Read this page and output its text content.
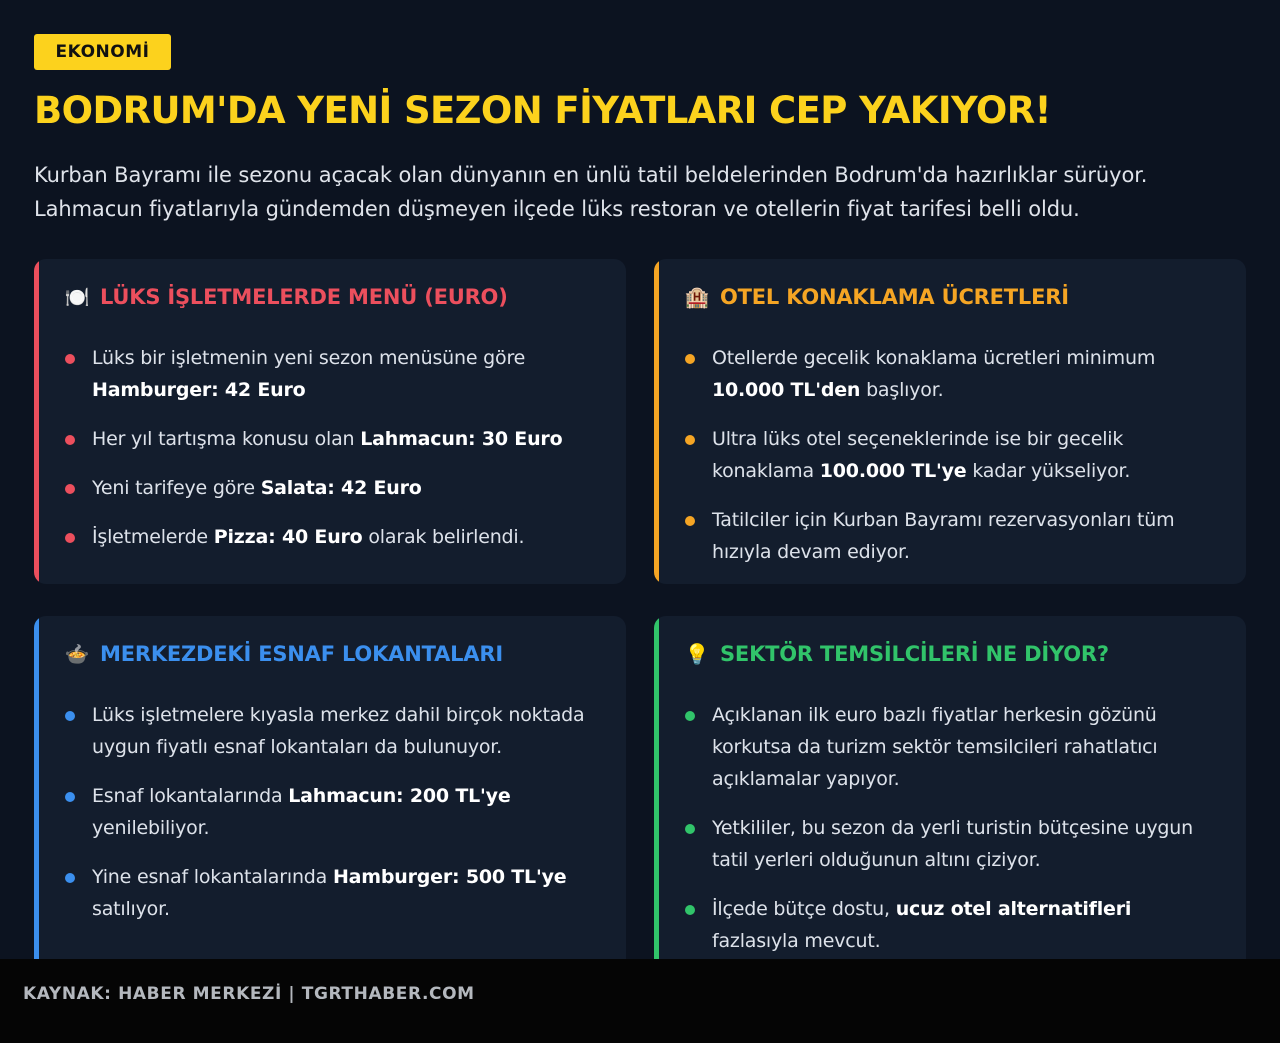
EKONOMİ
BODRUM'DA YENİ SEZON FİYATLARI CEP YAKIYOR!

Kurban Bayramı ile sezonu açacak olan dünyanın en ünlü tatil beldelerinden Bodrum'da hazırlıklar sürüyor. Lahmacun fiyatlarıyla gündemden düşmeyen ilçede lüks restoran ve otellerin fiyat tarifesi belli oldu.

🍽️ LÜKS İŞLETMELERDE MENÜ (EURO)
Lüks bir işletmenin yeni sezon menüsüne göre Hamburger: 42 Euro
Her yıl tartışma konusu olan Lahmacun: 30 Euro
Yeni tarifeye göre Salata: 42 Euro
İşletmelerde Pizza: 40 Euro olarak belirlendi.
🏨 OTEL KONAKLAMA ÜCRETLERİ
Otellerde gecelik konaklama ücretleri minimum 10.000 TL'den başlıyor.
Ultra lüks otel seçeneklerinde ise bir gecelik konaklama 100.000 TL'ye kadar yükseliyor.
Tatilciler için Kurban Bayramı rezervasyonları tüm hızıyla devam ediyor.
🍲 MERKEZDEKİ ESNAF LOKANTALARI
Lüks işletmelere kıyasla merkez dahil birçok noktada uygun fiyatlı esnaf lokantaları da bulunuyor.
Esnaf lokantalarında Lahmacun: 200 TL'ye yenilebiliyor.
Yine esnaf lokantalarında Hamburger: 500 TL'ye satılıyor.
💡 SEKTÖR TEMSİLCİLERİ NE DİYOR?
Açıklanan ilk euro bazlı fiyatlar herkesin gözünü korkutsa da turizm sektör temsilcileri rahatlatıcı açıklamalar yapıyor.
Yetkililer, bu sezon da yerli turistin bütçesine uygun tatil yerleri olduğunun altını çiziyor.
İlçede bütçe dostu, ucuz otel alternatifleri fazlasıyla mevcut.
KAYNAK: HABER MERKEZİ | TGRTHABER.COM
